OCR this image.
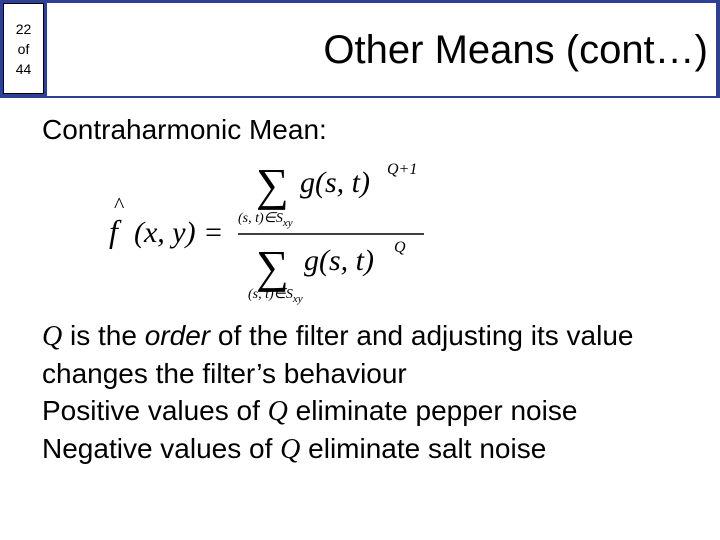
Other Means (cont…)
22
of
44
Contraharmonic Mean:
^
f (x, y) =
∑ g(s, t) Q+1
(s, $t)\in S_{xy}$
∑ g(s, t) Q
(s, $t)\in S_{xy}$

Q is the order of the filter and adjusting its value changes the filter’s behaviour

Positive values of Q eliminate pepper noise

Negative values of Q eliminate salt noise
